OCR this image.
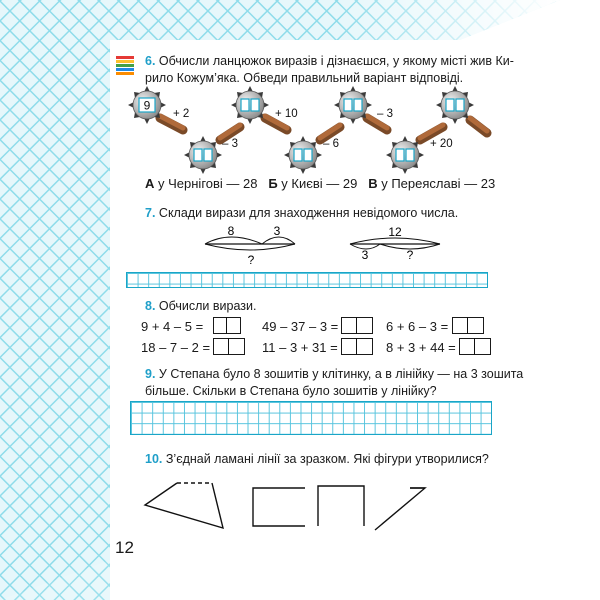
6. Обчисли ланцюжок виразів і дізнаєшся, у якому місті жив Ки-
рило Кожум’яка. Обведи правильний варіант відповіді.
9
+ 2
– 3
+ 10
– 6
– 3
+ 20
А у Чернігові — 28 Б у Києві — 29 В у Переяславі — 23
7. Склади вирази для знаходження невідомого числа.
8	3
?
12
3	?
8. Обчисли вирази.
9 + 4 – 5 =	49 – 37 – 3 =	6 + 6 – 3 =
18 – 7 – 2 =	11 – 3 + 31 =	8 + 3 + 44 =
9. У Степана було 8 зошитів у клітинку, а в лінійку — на 3 зошита
більше. Скільки в Степана було зошитів у лінійку?
10. З’єднай ламані лінії за зразком. Які фігури утворилися?
12
